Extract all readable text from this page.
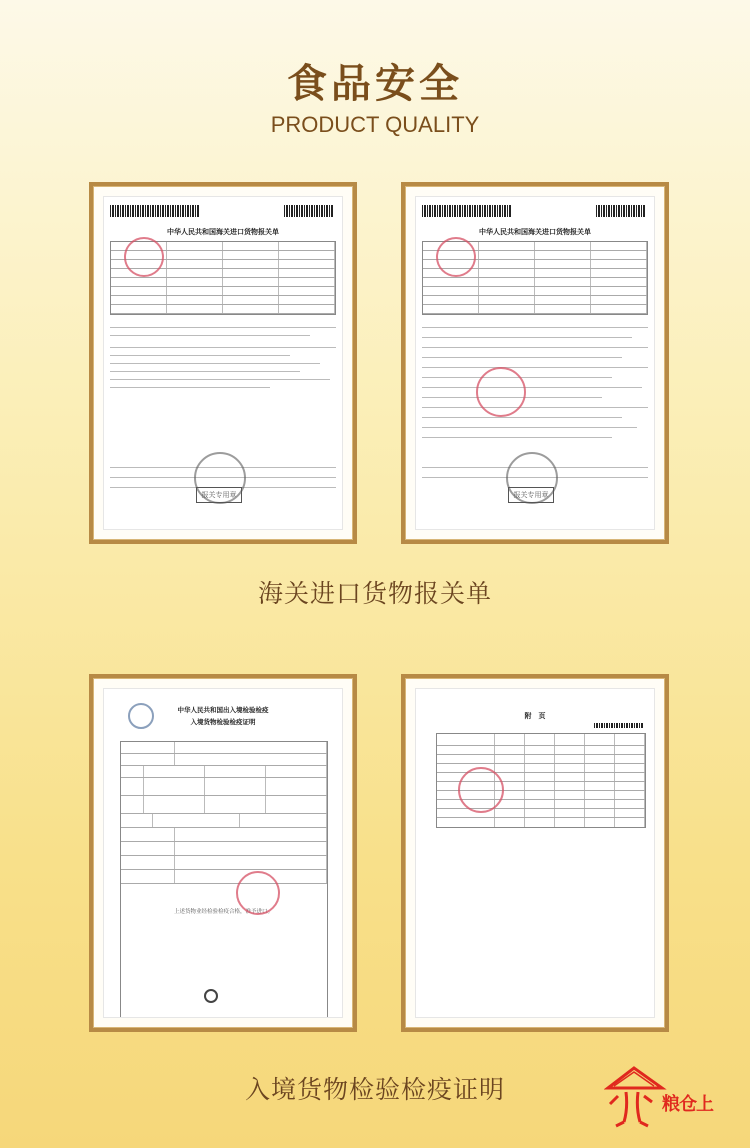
食品安全
PRODUCT QUALITY
中华人民共和国海关进口货物报关单
报关专用章
中华人民共和国海关进口货物报关单
报关专用章
海关进口货物报关单
中华人民共和国出入境检验检疫
入境货物检验检疫证明
上述货物业经检验检疫合格，准予进口。
附　页
入境货物检验检疫证明
粮仓上
